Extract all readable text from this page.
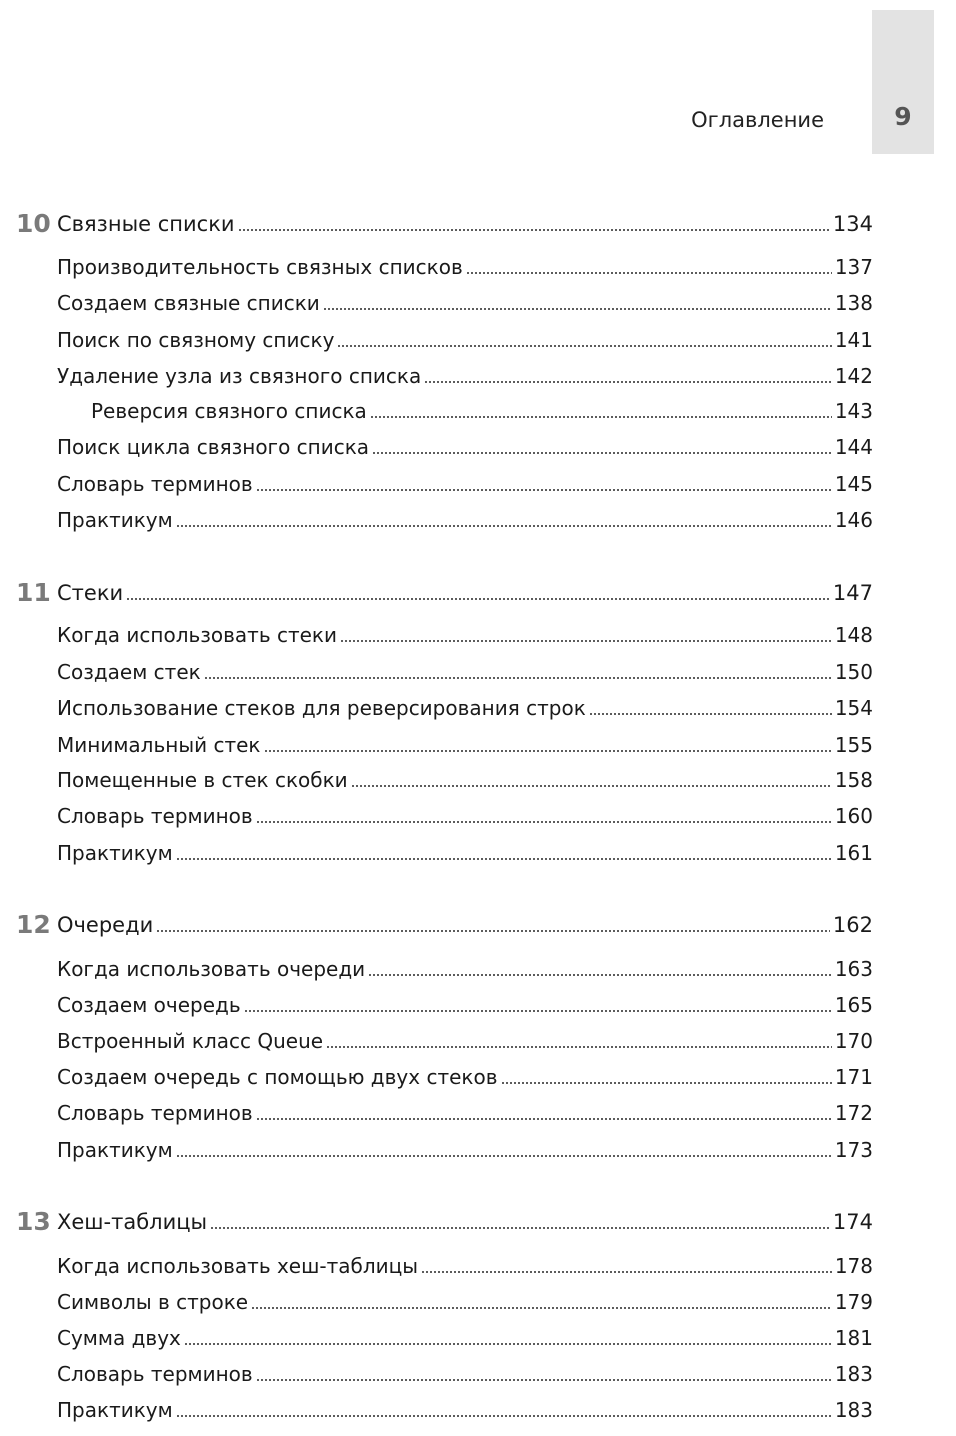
9
Оглавление
10 Связные списки	134
Производительность связных списков	137
Создаем связные списки	138
Поиск по связному списку	141
Удаление узла из связного списка	142
Реверсия связного списка	143
Поиск цикла связного списка	144
Словарь терминов	145
Практикум	146
11 Стеки	147
Когда использовать стеки	148
Создаем стек	150
Использование стеков для реверсирования строк	154
Минимальный стек	155
Помещенные в стек скобки	158
Словарь терминов	160
Практикум	161
12 Очереди	162
Когда использовать очереди	163
Создаем очередь	165
Встроенный класс Queue	170
Создаем очередь с помощью двух стеков	171
Словарь терминов	172
Практикум	173
13 Хеш-таблицы	174
Когда использовать хеш-таблицы	178
Символы в строке	179
Сумма двух	181
Словарь терминов	183
Практикум	183
